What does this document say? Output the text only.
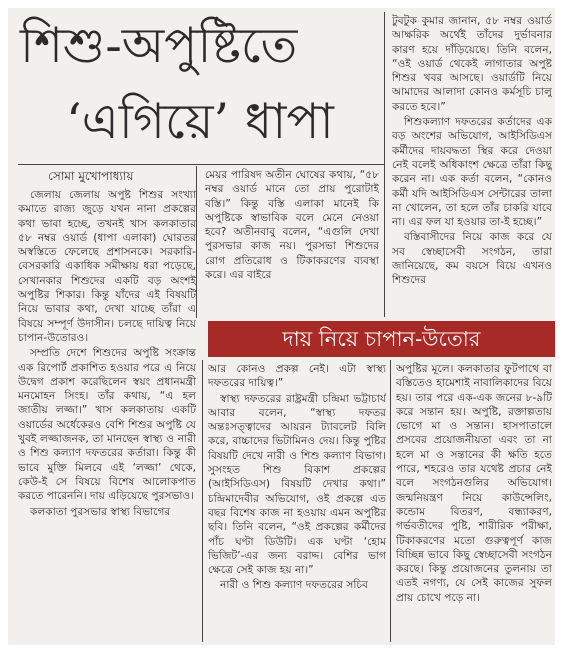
শিশু-অপুষ্টিতে
‘এগিয়ে’ ধাপা
সোমা মুখোপাধ্যায়

জেলায় জেলায় অপুষ্ট শিশুর সংখ্যা কমাতে রাজ্য জুড়ে যখন নানা প্রকল্পের কথা ভাবা হচ্ছে, তখনই খাস কলকাতার ৫৮ নম্বর ওয়ার্ড (ধাপা এলাকা) ঘোরতর অস্বস্তিতে ফেলেছে প্রশাসনকে। সরকারি-বেসরকারি একাধিক সমীক্ষায় ধরা পড়েছে, সেখানকার শিশুদের একটি বড় অংশই অপুষ্টির শিকার। কিন্তু যাঁদের এই বিষয়টি নিয়ে ভাবার কথা, দেখা যাচ্ছে তাঁরা এ বিষয়ে সম্পূর্ণ উদাসীন। চলছে দায়িত্ব নিয়ে চাপান-উতোরও।

সম্প্রতি দেশে শিশুদের অপুষ্টি সংক্রান্ত এক রিপোর্ট প্রকাশিত হওয়ার পরে এ নিয়ে উদ্বেগ প্রকাশ করেছিলেন স্বয়ং প্রধানমন্ত্রী মনমোহন সিংহ। তাঁর কথায়, “এ হল জাতীয় লজ্জা।” খাস কলকাতায় একটি ওয়ার্ডের অর্ধেকেরও বেশি শিশুর অপুষ্টি যে খুবই লজ্জাজনক, তা মানছেন স্বাস্থ্য ও নারী ও শিশু কল্যাণ দফতরের কর্তারা। কিন্তু কী ভাবে মুক্তি মিলবে এই ‘লজ্জা’ থেকে, কেউ-ই সে বিষয়ে বিশেষ আলোকপাত করতে পারেননি। দায় এড়িয়েছে পুরসভাও।

কলকাতা পুরসভার স্বাস্থ্য বিভাগের

মেয়র পারিষদ অতীন ঘোষের কথায়, “৫৮ নম্বর ওয়ার্ড মানে তো প্রায় পুরোটাই বস্তি।” কিন্তু বস্তি এলাকা মানেই কি অপুষ্টিকে স্বাভাবিক বলে মেনে নেওয়া হবে? অতীনবাবু বলেন, “এগুলি দেখা পুরসভার কাজ নয়। পুরসভা শিশুদের রোগ প্রতিরোধ ও টিকাকরণের ব্যবস্থা করে। এর বাইরে

টুবটুক কুমার জানান, ৫৮ নম্বর ওয়ার্ড আক্ষরিক অর্থেই তাঁদের দুর্ভাবনার কারণ হয়ে দাঁড়িয়েছে। তিনি বলেন, “ওই ওয়ার্ড থেকেই লাগাতার অপুষ্ট শিশুর খবর আসছে। ওয়ার্ডটি নিয়ে আমাদের আলাদা কোনও কর্মসূচি চালু করতে হবে।”

শিশুকল্যাণ দফতরের কর্তাদের এক বড় অংশের অভিযোগ, আইসিডিএস কর্মীদের দায়বদ্ধতা স্থির করে দেওয়া নেই বলেই অধিকাংশ ক্ষেত্রে তাঁরা কিছু করেন না। এক কর্তা বলেন, “কোনও কর্মী যদি আইসিডিএস সেন্টারের তালা না খোলেন, তা হলে তাঁর চাকরি যাবে না। এর ফল যা হওয়ার তা-ই হচ্ছে।”

বস্তিবাসীদের নিয়ে কাজ করে যে সব স্বেচ্ছাসেবী সংগঠন, তারা জানিয়েছে, কম বয়সে বিয়ে এখনও শিশুদের

দায় নিয়ে চাপান-উতোর

আর কোনও প্রকল্প নেই। এটা স্বাস্থ্য দফতরের দায়িত্ব।”

স্বাস্থ্য দফতরের রাষ্ট্রমন্ত্রী চন্দ্রিমা ভট্টাচার্য আবার বলেন, “স্বাস্থ্য দফতর অন্তঃসত্ত্বাদের আয়রন ট্যাবলেট বিলি করে, বাচ্চাদের ভিটামিনও দেয়। কিন্তু পুষ্টির বিষয়টি দেখে নারী ও শিশু কল্যাণ বিভাগ। সুসংহত শিশু বিকাশ প্রকল্পের (আইসিডিএস) বিষয়টি দেখার কথা।” চন্দ্রিমাদেবীর অভিযোগ, ওই প্রকল্পে এত বছর বিশেষ কাজ না হওয়ায় এমন অপুষ্টির ছবি। তিনি বলেন, “ওই প্রকল্পের কর্মীদের পাঁচ ঘণ্টা ডিউটি। এক ঘণ্টা ‘হোম ভিজিট’-এর জন্য বরাদ্দ। বেশির ভাগ ক্ষেত্রে সেই কাজ হয় না।”

নারী ও শিশু কল্যাণ দফতরের সচিব

অপুষ্টির মূলে। কলকাতার ফুটপাথে বা বস্তিতেও হামেশাই নাবালিকাদের বিয়ে হয়। তার পরে এক-এক জনের ৮-৯টি করে সন্তান হয়। অপুষ্টি, রক্তাল্পতায় ভোগে মা ও সন্তান। হাসপাতালে প্রসবের প্রয়োজনীয়তা এবং তা না হলে মা ও সন্তানের কী ক্ষতি হতে পারে, শহরেও তার যথেষ্ট প্রচার নেই বলে সংগঠনগুলির অভিযোগ। জন্মনিয়ন্ত্রণ নিয়ে কাউন্সেলিং, কন্ডোম বিতরণ, বন্ধ্যাকরণ, গর্ভবতীদের পুষ্টি, শারীরিক পরীক্ষা, টিকাকরণের মতো গুরুত্বপূর্ণ কাজ বিচ্ছিন্ন ভাবে কিছু স্বেচ্ছাসেবী সংগঠন করছে। কিন্তু প্রয়োজনের তুলনায় তা এতই নগণ্য, যে সেই কাজের সুফল প্রায় চোখে পড়ে না।
